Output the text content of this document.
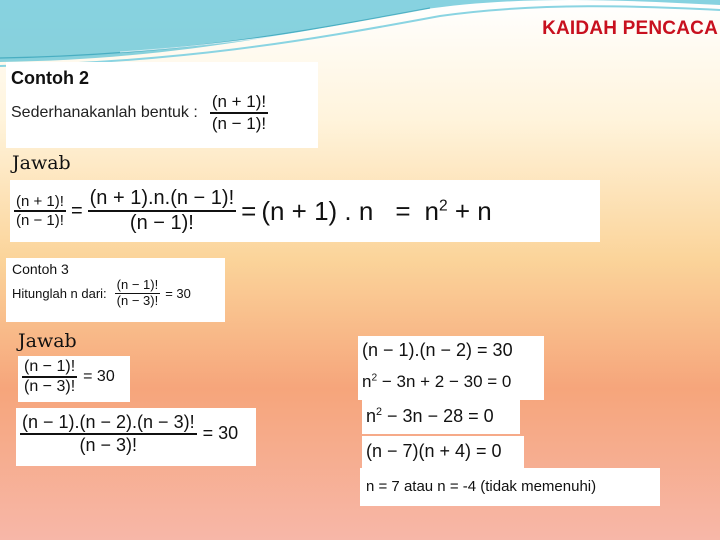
KAIDAH PENCACA
Contoh 2
Sederhanakanlah bentuk : $\frac{(n + 1)!}{(n - 1)!}$
Jawab
$\frac{(n + 1)!}{(n - 1)!} = \frac{(n + 1).n.(n - 1)!}{(n - 1)!} = (n + 1)$ . $n = n^2 + n$
Contoh 3
Hitunglah n dari: $\frac{(n - 1)!}{(n - 3)!} = 30$
Jawab
$\frac{(n - 1)!}{(n - 3)!} = 30$
$\frac{(n - 1).(n - 2).(n - 3)!}{(n - 3)!} = 30$
(n − 1).(n − 2) = 30
$n^2 - 3n + 2 - 30 = 0$
$n^2 - 3n - 28 = 0$
(n − 7)(n + 4) = 0
n = 7 atau n = -4 (tidak memenuhi)
